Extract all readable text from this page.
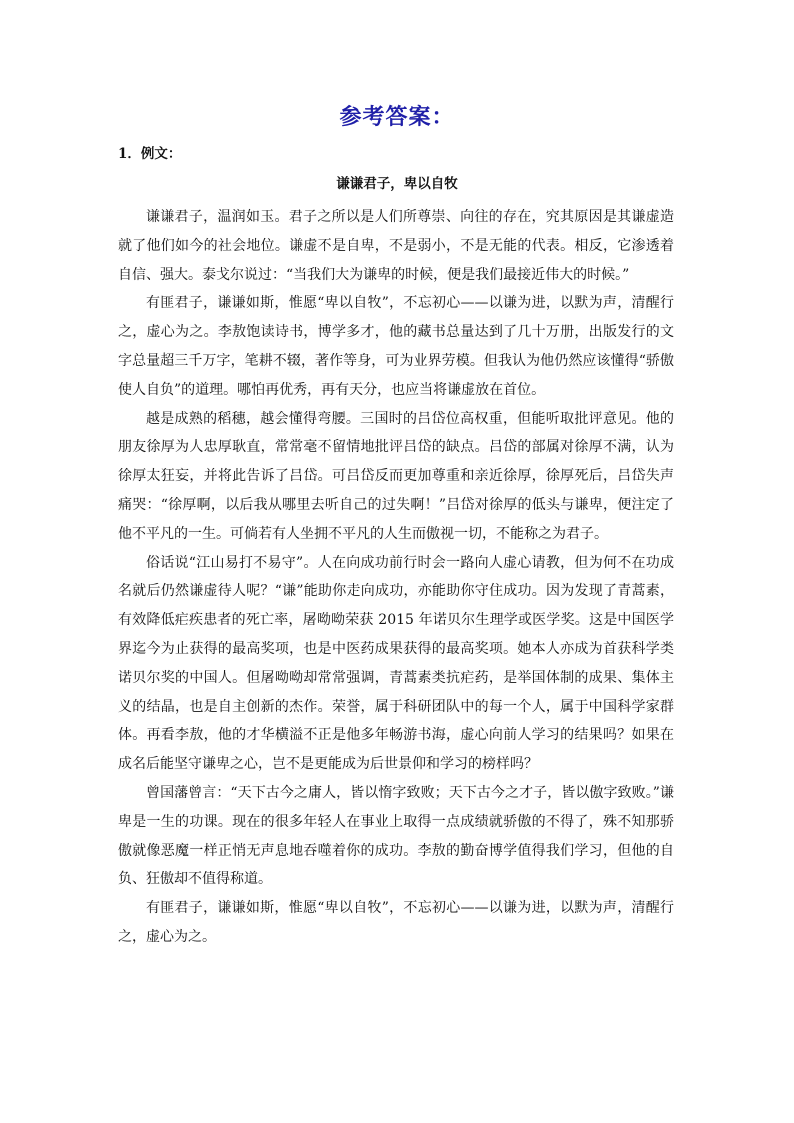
参考答案：
1．例文：
谦谦君子，卑以自牧

谦谦君子，温润如玉。君子之所以是人们所尊崇、向往的存在，究其原因是其谦虚造就了他们如今的社会地位。谦虚不是自卑，不是弱小，不是无能的代表。相反，它渗透着自信、强大。泰戈尔说过：“当我们大为谦卑的时候，便是我们最接近伟大的时候。”

有匪君子，谦谦如斯，惟愿“卑以自牧”，不忘初心——以谦为进，以默为声，清醒行之，虚心为之。李敖饱读诗书，博学多才，他的藏书总量达到了几十万册，出版发行的文字总量超三千万字，笔耕不辍，著作等身，可为业界劳模。但我认为他仍然应该懂得“骄傲使人自负”的道理。哪怕再优秀，再有天分，也应当将谦虚放在首位。

越是成熟的稻穗，越会懂得弯腰。三国时的吕岱位高权重，但能听取批评意见。他的朋友徐厚为人忠厚耿直，常常毫不留情地批评吕岱的缺点。吕岱的部属对徐厚不满，认为徐厚太狂妄，并将此告诉了吕岱。可吕岱反而更加尊重和亲近徐厚，徐厚死后，吕岱失声痛哭：“徐厚啊，以后我从哪里去听自己的过失啊！”吕岱对徐厚的低头与谦卑，便注定了他不平凡的一生。可倘若有人坐拥不平凡的人生而傲视一切，不能称之为君子。

俗话说“江山易打不易守”。人在向成功前行时会一路向人虚心请教，但为何不在功成名就后仍然谦虚待人呢？“谦”能助你走向成功，亦能助你守住成功。因为发现了青蒿素，有效降低疟疾患者的死亡率，屠呦呦荣获 2015 年诺贝尔生理学或医学奖。这是中国医学界迄今为止获得的最高奖项，也是中医药成果获得的最高奖项。她本人亦成为首获科学类诺贝尔奖的中国人。但屠呦呦却常常强调，青蒿素类抗疟药，是举国体制的成果、集体主义的结晶，也是自主创新的杰作。荣誉，属于科研团队中的每一个人，属于中国科学家群体。再看李敖，他的才华横溢不正是他多年畅游书海，虚心向前人学习的结果吗？如果在成名后能坚守谦卑之心，岂不是更能成为后世景仰和学习的榜样吗？

曾国藩曾言：“天下古今之庸人，皆以惰字致败；天下古今之才子，皆以傲字致败。”谦卑是一生的功课。现在的很多年轻人在事业上取得一点成绩就骄傲的不得了，殊不知那骄傲就像恶魔一样正悄无声息地吞噬着你的成功。李敖的勤奋博学值得我们学习，但他的自负、狂傲却不值得称道。

有匪君子，谦谦如斯，惟愿“卑以自牧”，不忘初心——以谦为进，以默为声，清醒行之，虚心为之。
